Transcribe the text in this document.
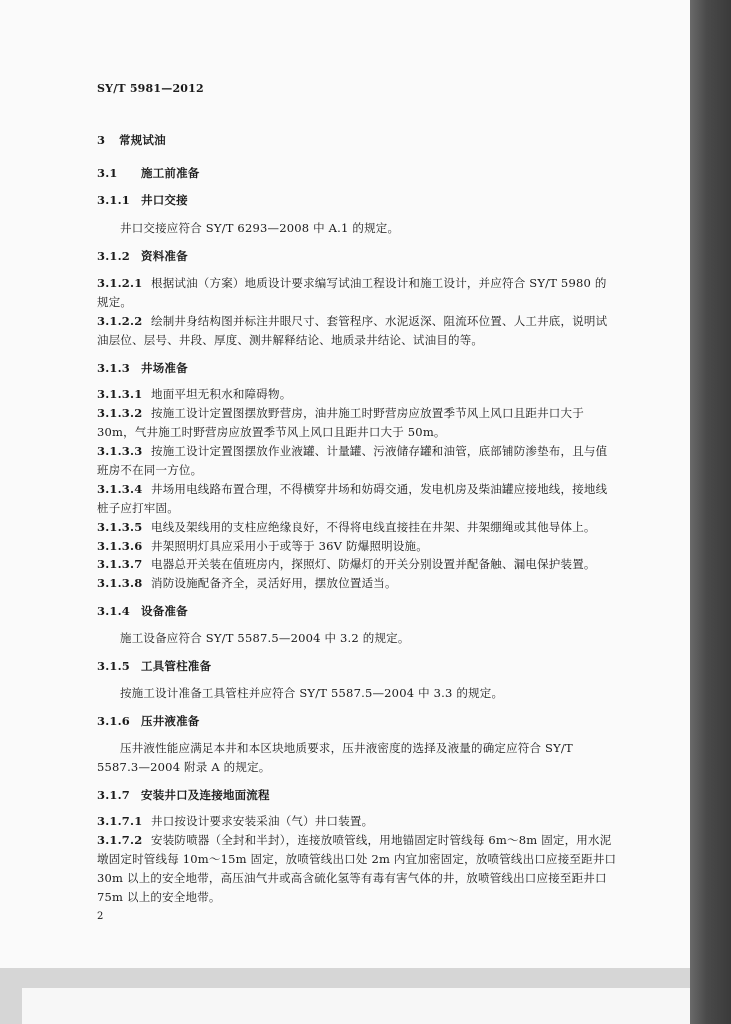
SY/T 5981—2012

3 常规试油

3.1 施工前准备

3.1.1 井口交接

井口交接应符合 SY/T 6293—2008 中 A.1 的规定。

3.1.2 资料准备

3.1.2.1 根据试油（方案）地质设计要求编写试油工程设计和施工设计，并应符合 SY/T 5980 的

规定。

3.1.2.2 绘制井身结构图并标注井眼尺寸、套管程序、水泥返深、阻流环位置、人工井底，说明试

油层位、层号、井段、厚度、测井解释结论、地质录井结论、试油目的等。

3.1.3 井场准备

3.1.3.1 地面平坦无积水和障碍物。

3.1.3.2 按施工设计定置图摆放野营房，油井施工时野营房应放置季节风上风口且距井口大于

30m，气井施工时野营房应放置季节风上风口且距井口大于 50m。

3.1.3.3 按施工设计定置图摆放作业液罐、计量罐、污液储存罐和油管，底部铺防渗垫布，且与值

班房不在同一方位。

3.1.3.4 井场用电线路布置合理，不得横穿井场和妨碍交通，发电机房及柴油罐应接地线，接地线

桩子应打牢固。

3.1.3.5 电线及架线用的支柱应绝缘良好，不得将电线直接挂在井架、井架绷绳或其他导体上。

3.1.3.6 井架照明灯具应采用小于或等于 36V 防爆照明设施。

3.1.3.7 电器总开关装在值班房内，探照灯、防爆灯的开关分别设置并配备触、漏电保护装置。

3.1.3.8 消防设施配备齐全，灵活好用，摆放位置适当。

3.1.4 设备准备

施工设备应符合 SY/T 5587.5—2004 中 3.2 的规定。

3.1.5 工具管柱准备

按施工设计准备工具管柱并应符合 SY/T 5587.5—2004 中 3.3 的规定。

3.1.6 压井液准备

压井液性能应满足本井和本区块地质要求，压井液密度的选择及液量的确定应符合 SY/T

5587.3—2004 附录 A 的规定。

3.1.7 安装井口及连接地面流程

3.1.7.1 井口按设计要求安装采油（气）井口装置。

3.1.7.2 安装防喷器（全封和半封），连接放喷管线，用地锚固定时管线每 6m～8m 固定，用水泥

墩固定时管线每 10m～15m 固定，放喷管线出口处 2m 内宜加密固定，放喷管线出口应接至距井口

30m 以上的安全地带，高压油气井或高含硫化氢等有毒有害气体的井，放喷管线出口应接至距井口

75m 以上的安全地带。

2
